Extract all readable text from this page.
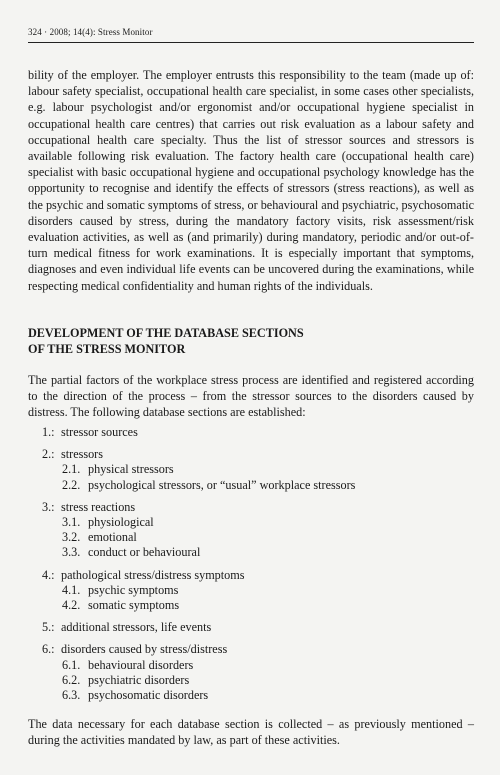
324 · 2008; 14(4): Stress Monitor

bility of the employer. The employer entrusts this responsibility to the team (made up of: labour safety specialist, occupational health care specialist, in some cases other specialists, e.g. labour psychologist and/or ergonomist and/or occupational hygiene specialist in occupational health care centres) that carries out risk evaluation as a labour safety and occupational health care specialty. Thus the list of stressor sources and stressors is available following risk evaluation. The factory health care (occupational health care) specialist with basic occupational hygiene and occupational psychology knowledge has the opportunity to recognise and identify the effects of stressors (stress reactions), as well as the psychic and somatic symptoms of stress, or behavioural and psychiatric, psychosomatic disorders caused by stress, during the mandatory factory visits, risk assessment/risk evaluation activities, as well as (and primarily) during mandatory, periodic and/or out-of-turn medical fitness for work examinations. It is especially important that symptoms, diagnoses and even individual life events can be uncovered during the examinations, while respecting medical confidentiality and human rights of the individuals.

DEVELOPMENT OF THE DATABASE SECTIONS
OF THE STRESS MONITOR

The partial factors of the workplace stress process are identified and registered according to the direction of the process – from the stressor sources to the disorders caused by distress. The following database sections are established:

1.: stressor sources
2.: stressors
2.1. physical stressors
2.2. psychological stressors, or “usual” workplace stressors
3.: stress reactions
3.1. physiological
3.2. emotional
3.3. conduct or behavioural
4.: pathological stress/distress symptoms
4.1. psychic symptoms
4.2. somatic symptoms
5.: additional stressors, life events
6.: disorders caused by stress/distress
6.1. behavioural disorders
6.2. psychiatric disorders
6.3. psychosomatic disorders

The data necessary for each database section is collected – as previously mentioned – during the activities mandated by law, as part of these activities.
